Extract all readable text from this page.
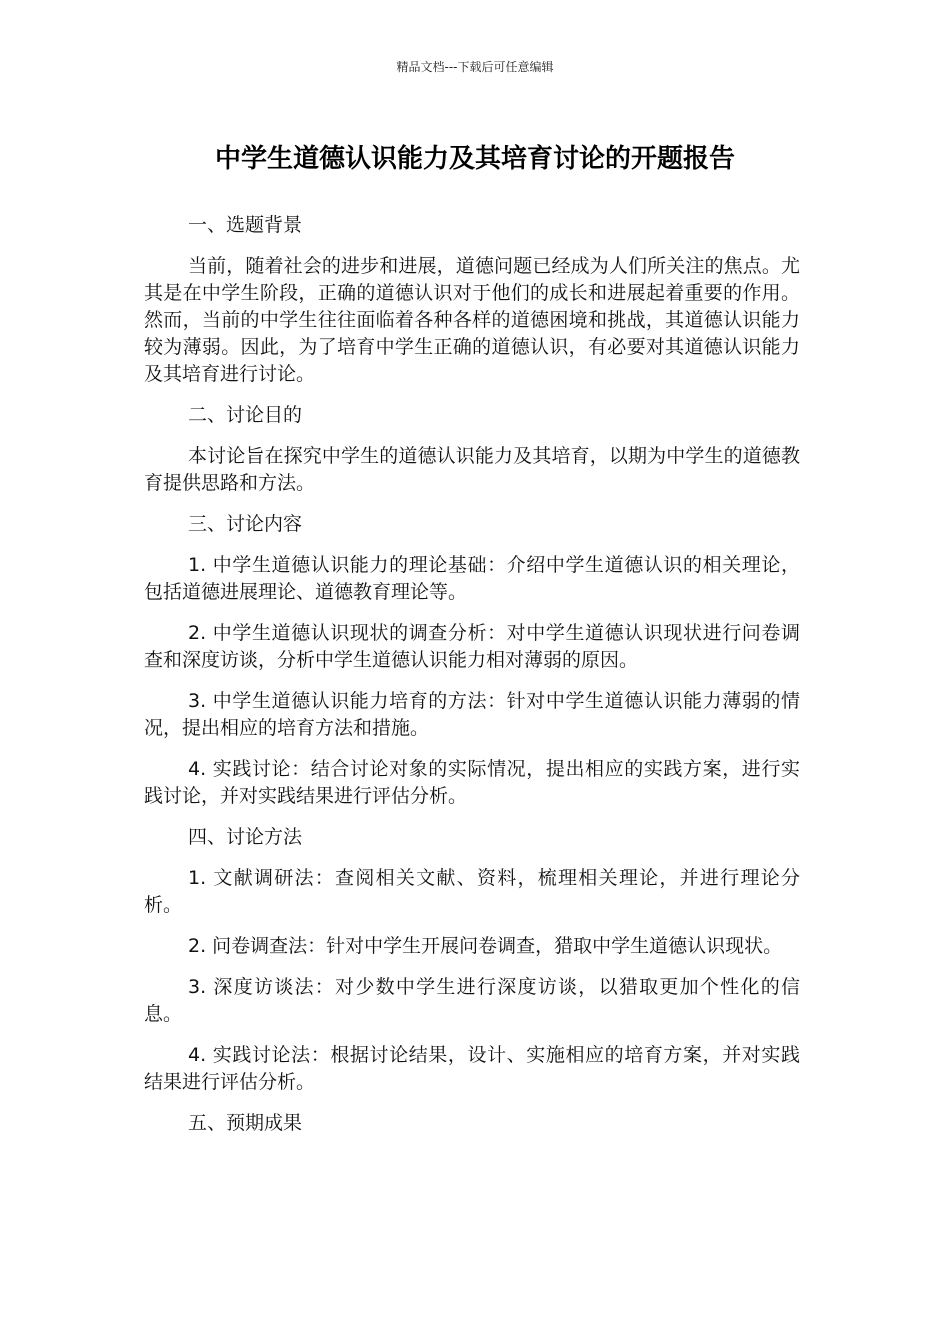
精品文档---下载后可任意编辑
中学生道德认识能力及其培育讨论的开题报告

一、选题背景

当前，随着社会的进步和进展，道德问题已经成为人们所关注的焦点。尤其是在中学生阶段，正确的道德认识对于他们的成长和进展起着重要的作用。然而，当前的中学生往往面临着各种各样的道德困境和挑战，其道德认识能力较为薄弱。因此，为了培育中学生正确的道德认识，有必要对其道德认识能力及其培育进行讨论。

二、讨论目的

本讨论旨在探究中学生的道德认识能力及其培育，以期为中学生的道德教育提供思路和方法。

三、讨论内容

1. 中学生道德认识能力的理论基础：介绍中学生道德认识的相关理论，包括道德进展理论、道德教育理论等。

2. 中学生道德认识现状的调查分析：对中学生道德认识现状进行问卷调查和深度访谈，分析中学生道德认识能力相对薄弱的原因。

3. 中学生道德认识能力培育的方法：针对中学生道德认识能力薄弱的情况，提出相应的培育方法和措施。

4. 实践讨论：结合讨论对象的实际情况，提出相应的实践方案，进行实践讨论，并对实践结果进行评估分析。

四、讨论方法

1. 文献调研法：查阅相关文献、资料，梳理相关理论，并进行理论分析。

2. 问卷调查法：针对中学生开展问卷调查，猎取中学生道德认识现状。

3. 深度访谈法：对少数中学生进行深度访谈，以猎取更加个性化的信息。

4. 实践讨论法：根据讨论结果，设计、实施相应的培育方案，并对实践结果进行评估分析。

五、预期成果
